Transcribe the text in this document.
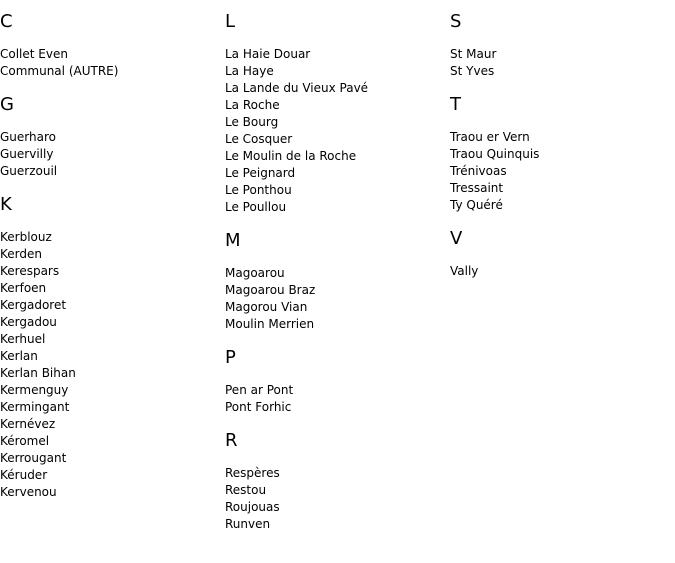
C
Collet Even
Communal (AUTRE)
G
Guerharo
Guervilly
Guerzouil
K
Kerblouz
Kerden
Kerespars
Kerfoen
Kergadoret
Kergadou
Kerhuel
Kerlan
Kerlan Bihan
Kermenguy
Kermingant
Kernévez
Kéromel
Kerrougant
Kéruder
Kervenou
L
La Haie Douar
La Haye
La Lande du Vieux Pavé
La Roche
Le Bourg
Le Cosquer
Le Moulin de la Roche
Le Peignard
Le Ponthou
Le Poullou
M
Magoarou
Magoarou Braz
Magorou Vian
Moulin Merrien
P
Pen ar Pont
Pont Forhic
R
Respères
Restou
Roujouas
Runven
S
St Maur
St Yves
T
Traou er Vern
Traou Quinquis
Trénivoas
Tressaint
Ty Quéré
V
Vally
